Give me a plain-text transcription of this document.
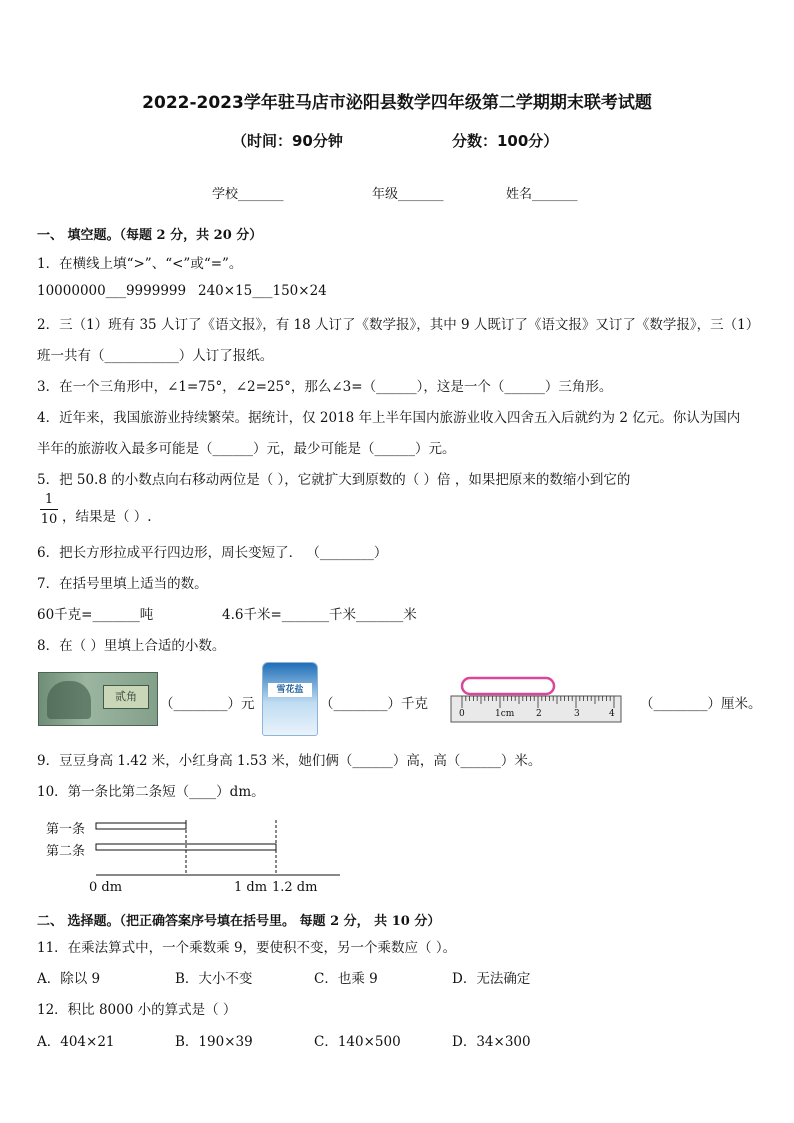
2022-2023学年驻马店市泌阳县数学四年级第二学期期末联考试题
（时间：90分钟	分数：100分）
学校_______	年级_______	姓名_______
一、 填空题。（每题 2 分，共 20 分）
1．在横线上填“>”、“<”或“=”。
10000000___9999999 240×15___150×24
2．三（1）班有 35 人订了《语文报》，有 18 人订了《数学报》，其中 9 人既订了《语文报》又订了《数学报》，三（1）
班一共有（___________）人订了报纸。
3．在一个三角形中，∠1=75°，∠2=25°，那么∠3=（______），这是一个（______）三角形。
4．近年来，我国旅游业持续繁荣。据统计，仅 2018 年上半年国内旅游业收入四舍五入后就约为 2 亿元。你认为国内
半年的旅游收入最多可能是（______）元，最少可能是（______）元。
5．把 50.8 的小数点向右移动两位是（ ），它就扩大到原数的（ ）倍 ，如果把原来的数缩小到它的
1
10 ，结果是（ ）.
6．把长方形拉成平行四边形，周长变短了． （________）
7．在括号里填上适当的数。
60千克=_______吨	4.6千米=_______千米_______米
8．在（ ）里填上合适的小数。
贰角	（________）元
雪花盐
（________）千克
0	1cm 2	3	4
（________）厘米。
9．豆豆身高 1.42 米，小红身高 1.53 米，她们俩（______）高，高（______）米。
10．第一条比第二条短（____）dm。
第一条
第二条
0 dm	1 dm 1.2 dm
二、 选择题。（把正确答案序号填在括号里。 每题 2 分， 共 10 分）
11．在乘法算式中，一个乘数乘 9，要使积不变，另一个乘数应（ ）。
A．除以 9	B．大小不变	C．也乘 9	D．无法确定
12．积比 8000 小的算式是（ ）
A．404×21	B．190×39	C．140×500	D．34×300
